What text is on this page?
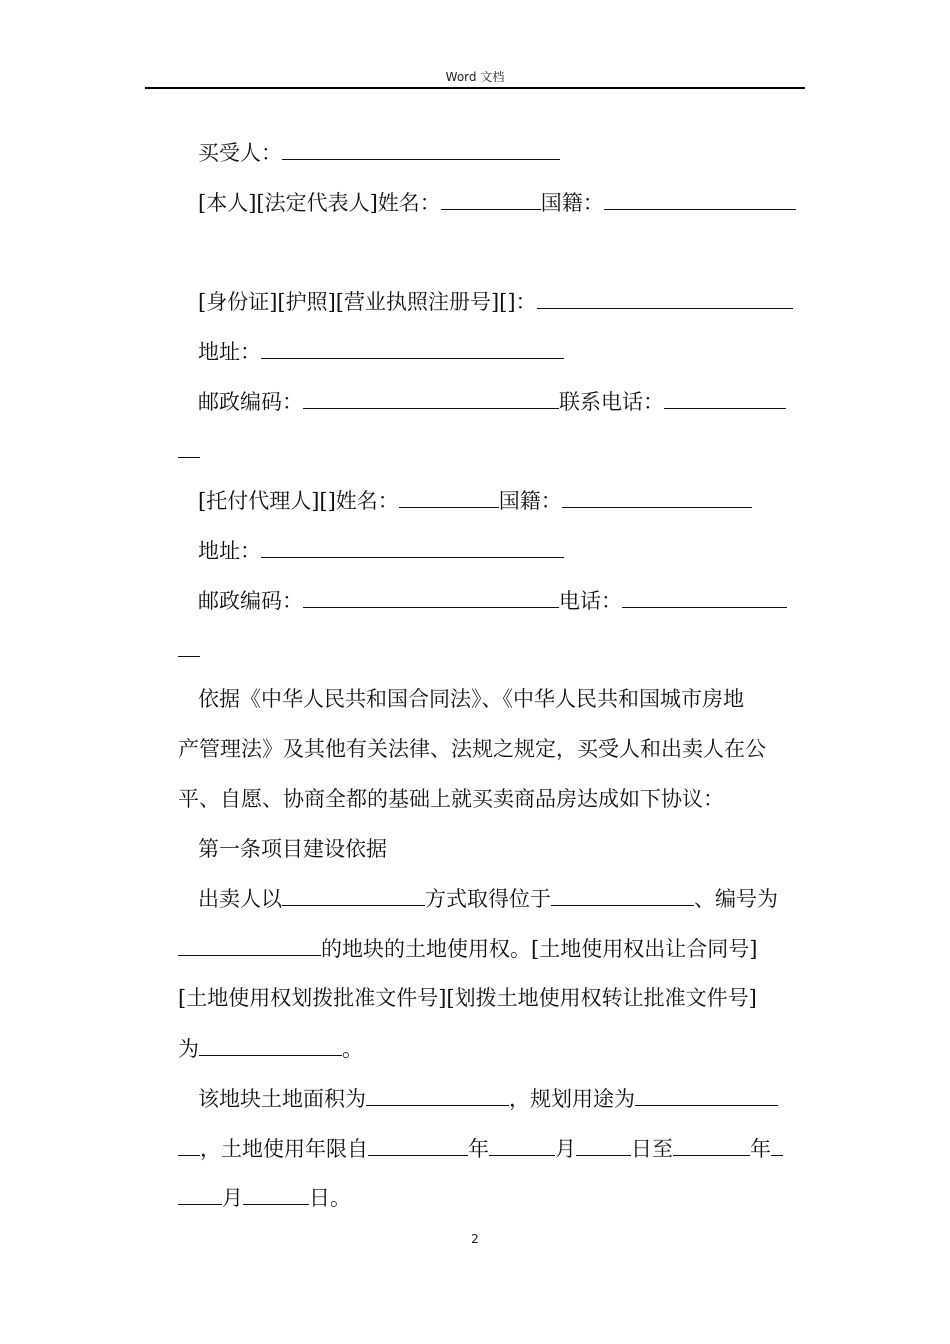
Word 文档
买受人：
[本人][法定代表人]姓名：	国籍：
[身份证][护照][营业执照注册号][]：
地址：
邮政编码：	联系电话：
[托付代理人][]姓名：	国籍：
地址：
邮政编码：	电话：
依据《中华人民共和国合同法》、《中华人民共和国城市房地
产管理法》及其他有关法律、法规之规定，买受人和出卖人在公
平、自愿、协商全都的基础上就买卖商品房达成如下协议：
第一条项目建设依据
出卖人以	方式取得位于	、编号为
的地块的土地使用权。[土地使用权出让合同号]
[土地使用权划拨批准文件号][划拨土地使用权转让批准文件号]
为	。
该地块土地面积为	，规划用途为
，土地使用年限自	年	月	日至	年
月	日。
2
